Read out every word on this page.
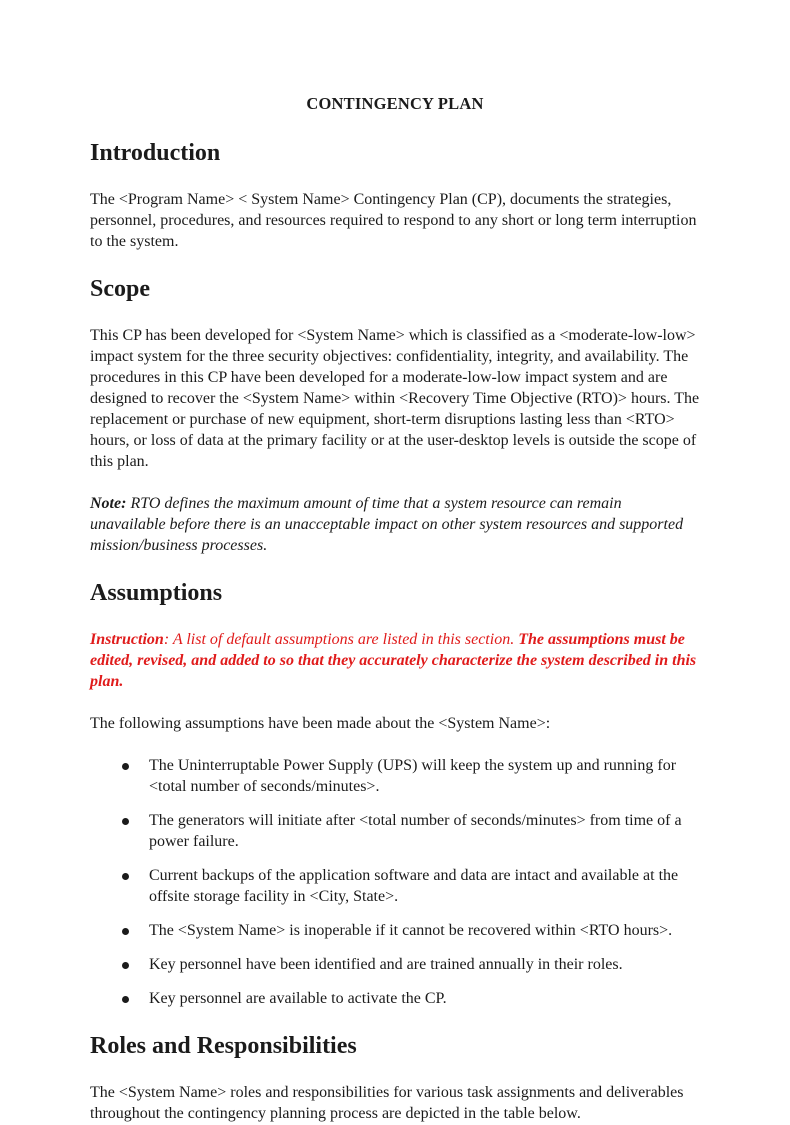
CONTINGENCY PLAN
Introduction

The <Program Name> < System Name> Contingency Plan (CP), documents the strategies, personnel, procedures, and resources required to respond to any short or long term interruption to the system.

Scope

This CP has been developed for <System Name> which is classified as a <moderate-low-low> impact system for the three security objectives: confidentiality, integrity, and availability. The procedures in this CP have been developed for a moderate-low-low impact system and are designed to recover the <System Name> within <Recovery Time Objective (RTO)> hours. The replacement or purchase of new equipment, short-term disruptions lasting less than <RTO> hours, or loss of data at the primary facility or at the user-desktop levels is outside the scope of this plan.

Note: RTO defines the maximum amount of time that a system resource can remain unavailable before there is an unacceptable impact on other system resources and supported mission/business processes.

Assumptions

Instruction: A list of default assumptions are listed in this section. The assumptions must be edited, revised, and added to so that they accurately characterize the system described in this plan.

The following assumptions have been made about the <System Name>:

The Uninterruptable Power Supply (UPS) will keep the system up and running for <total number of seconds/minutes>.
The generators will initiate after <total number of seconds/minutes> from time of a power failure.
Current backups of the application software and data are intact and available at the offsite storage facility in <City, State>.
The <System Name> is inoperable if it cannot be recovered within <RTO hours>.
Key personnel have been identified and are trained annually in their roles.
Key personnel are available to activate the CP.
Roles and Responsibilities

The <System Name> roles and responsibilities for various task assignments and deliverables throughout the contingency planning process are depicted in the table below.
